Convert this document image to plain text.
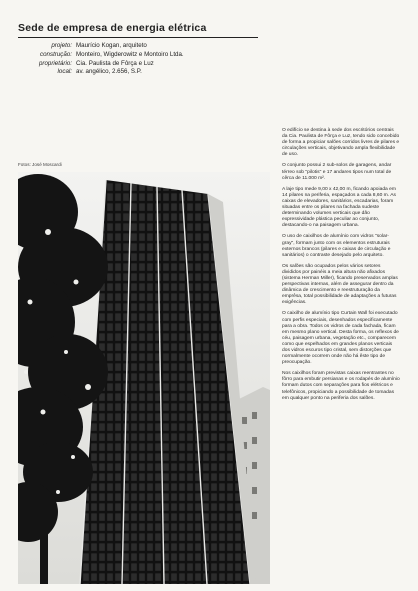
Sede de empresa de energia elétrica
projeto: Maurício Kogan, arquiteto
construção: Monteiro, Wigderowitz e Montoiro Ltda.
proprietário: Cia. Paulista de Fôrça e Luz
local: av. angélico, 2.656, S.P.
Fotos: José Moscardi

O edifício se destina à sede dos escritórios centrais da Cia. Paulista de Fôrça e Luz, tendo sido concebido de forma a propiciar salões corridos livres de pilares e circulações verticais, objetivando ampla flexibilidade de uso.

O conjunto possui 2 sub-solos de garagens, andar térreo sob "pilotis" e 17 andares tipos num total de cêrca de 11.000 m².

A laje tipo mede 9,00 x 42,00 m, ficando apoiada em 14 pilares na periferia, espaçados a cada 8,60 m. As caixas de elevadores, sanitários, escadarias, foram situadas entre os pilares na fachada sudeste determinando volumes verticais que dão expressividade plástica peculiar ao conjunto, destacando-o na paisagem urbana.

O uso de caixilhos de alumínio com vidros "solar-gray", formam junto com os elementos estruturais externos brancos (pilares e caixas de circulação e sanitários) o contraste desejado pelo arquiteto.

Os salões são ocupados pelos vários setores divididos por painéis a meia altura não afixados (sistema Herman Miller), ficando preservados amplas perspectivas internas, além de assegurar dentro da dinâmica de crescimento e reestruturação da emprêsa, total possibilidade de adaptações a futuras exigências.

O caixilho de alumínio tipo Curtain Wall foi executado com perfis especiais, desenhados especificamente para a obra. Todos os vidros de cada fachada, ficam em mesmo plano vertical. Desta forma, os reflexos de céu, paisagem urbana, vegetação etc., comparecem como que espelhados em grandes planos verticais dos vidros escuros tipo cristal, sem distorções que normalmente ocorrem onde não há êste tipo de preocupação.

Nos caixilhos foram previstas caixas reentrantes no fôrro para embutir persianas e os rodapés de alumínio formam dutos com separações para fios elétricos e telefônicos, propiciando a possibilidade de tomadas em qualquer ponto na periferia dos salões.
